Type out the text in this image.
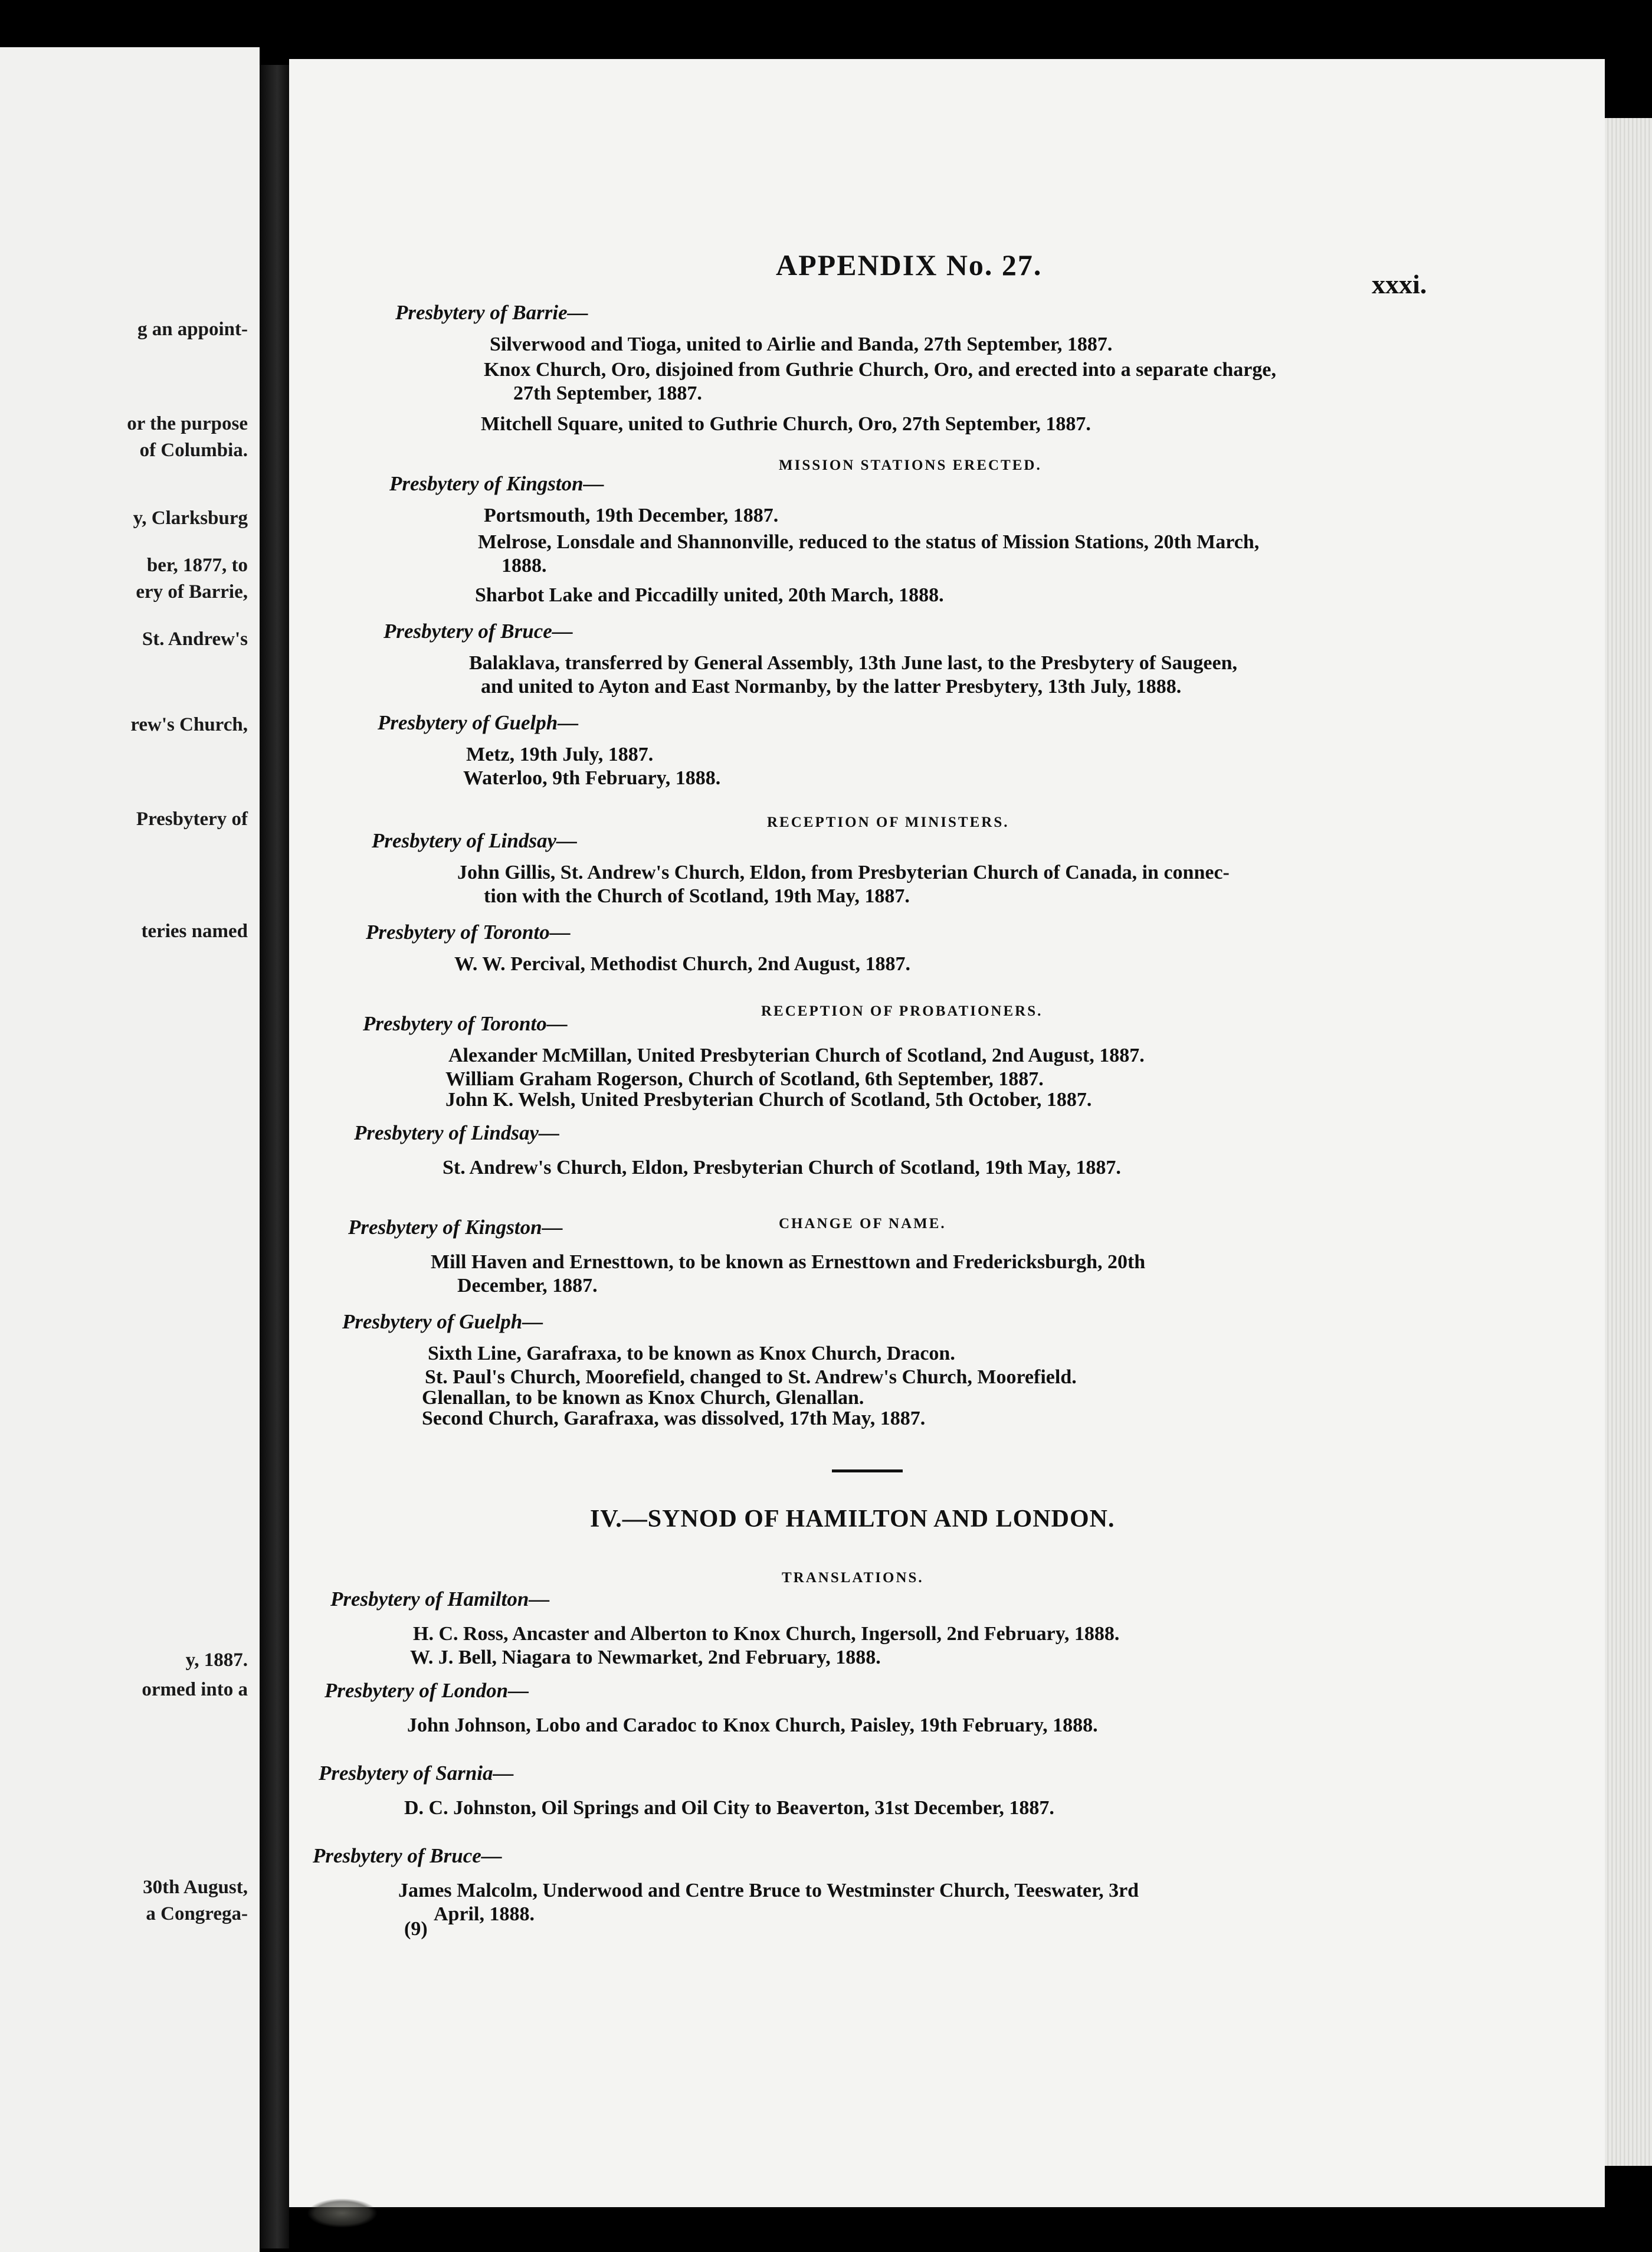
g an appoint-
or the purpose
of Columbia.
y, Clarksburg
ber, 1877, to
ery of Barrie,
St. Andrew's
rew's Church,
Presbytery of
teries named
y, 1887.
ormed into a
30th August,
a Congrega-
APPENDIX No. 27.
xxxi.
Presbytery of Barrie—
Silverwood and Tioga, united to Airlie and Banda, 27th September, 1887.
Knox Church, Oro, disjoined from Guthrie Church, Oro, and erected into a separate charge,
27th September, 1887.
Mitchell Square, united to Guthrie Church, Oro, 27th September, 1887.
MISSION STATIONS ERECTED.
Presbytery of Kingston—
Portsmouth, 19th December, 1887.
Melrose, Lonsdale and Shannonville, reduced to the status of Mission Stations, 20th March,
1888.
Sharbot Lake and Piccadilly united, 20th March, 1888.
Presbytery of Bruce—
Balaklava, transferred by General Assembly, 13th June last, to the Presbytery of Saugeen,
and united to Ayton and East Normanby, by the latter Presbytery, 13th July, 1888.
Presbytery of Guelph—
Metz, 19th July, 1887.
Waterloo, 9th February, 1888.
RECEPTION OF MINISTERS.
Presbytery of Lindsay—
John Gillis, St. Andrew's Church, Eldon, from Presbyterian Church of Canada, in connec-
tion with the Church of Scotland, 19th May, 1887.
Presbytery of Toronto—
W. W. Percival, Methodist Church, 2nd August, 1887.
RECEPTION OF PROBATIONERS.
Presbytery of Toronto—
Alexander McMillan, United Presbyterian Church of Scotland, 2nd August, 1887.
William Graham Rogerson, Church of Scotland, 6th September, 1887.
John K. Welsh, United Presbyterian Church of Scotland, 5th October, 1887.
Presbytery of Lindsay—
St. Andrew's Church, Eldon, Presbyterian Church of Scotland, 19th May, 1887.
CHANGE OF NAME.
Presbytery of Kingston—
Mill Haven and Ernesttown, to be known as Ernesttown and Fredericksburgh, 20th
December, 1887.
Presbytery of Guelph—
Sixth Line, Garafraxa, to be known as Knox Church, Dracon.
St. Paul's Church, Moorefield, changed to St. Andrew's Church, Moorefield.
Glenallan, to be known as Knox Church, Glenallan.
Second Church, Garafraxa, was dissolved, 17th May, 1887.
IV.—SYNOD OF HAMILTON AND LONDON.
TRANSLATIONS.
Presbytery of Hamilton—
H. C. Ross, Ancaster and Alberton to Knox Church, Ingersoll, 2nd February, 1888.
W. J. Bell, Niagara to Newmarket, 2nd February, 1888.
Presbytery of London—
John Johnson, Lobo and Caradoc to Knox Church, Paisley, 19th February, 1888.
Presbytery of Sarnia—
D. C. Johnston, Oil Springs and Oil City to Beaverton, 31st December, 1887.
Presbytery of Bruce—
James Malcolm, Underwood and Centre Bruce to Westminster Church, Teeswater, 3rd
April, 1888.
(9)
